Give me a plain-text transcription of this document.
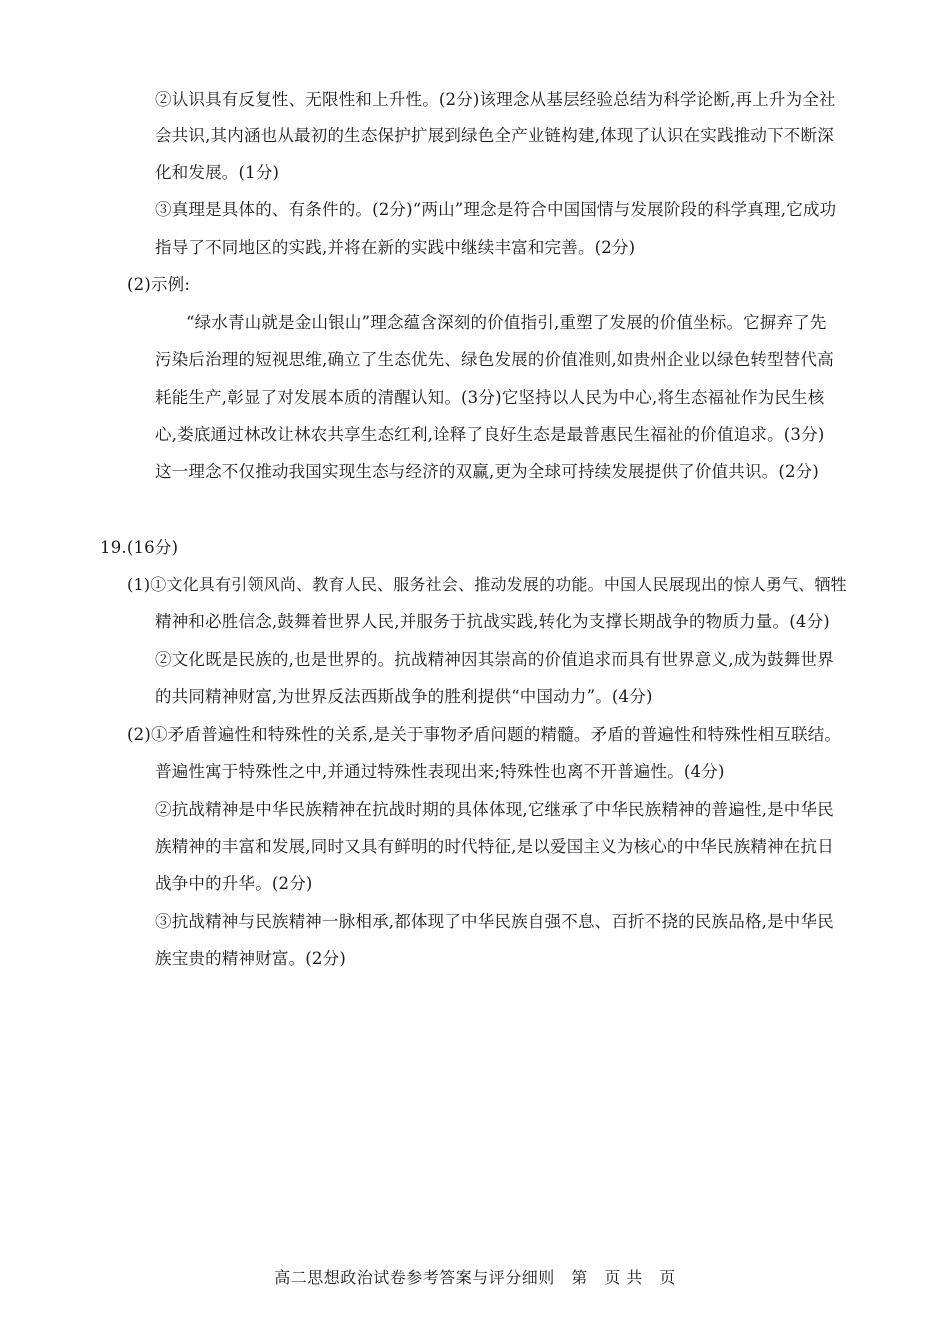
②认识具有反复性、无限性和上升性。(2分)该理念从基层经验总结为科学论断,再上升为全社
会共识,其内涵也从最初的生态保护扩展到绿色全产业链构建,体现了认识在实践推动下不断深
化和发展。(1分)
③真理是具体的、有条件的。(2分)“两山”理念是符合中国国情与发展阶段的科学真理,它成功
指导了不同地区的实践,并将在新的实践中继续丰富和完善。(2分)
(2)示例:
“绿水青山就是金山银山”理念蕴含深刻的价值指引,重塑了发展的价值坐标。它摒弃了先
污染后治理的短视思维,确立了生态优先、绿色发展的价值准则,如贵州企业以绿色转型替代高
耗能生产,彰显了对发展本质的清醒认知。(3分)它坚持以人民为中心,将生态福祉作为民生核
心,娄底通过林改让林农共享生态红利,诠释了良好生态是最普惠民生福祉的价值追求。(3分)
这一理念不仅推动我国实现生态与经济的双赢,更为全球可持续发展提供了价值共识。(2分)
19.(16分)
(1)①文化具有引领风尚、教育人民、服务社会、推动发展的功能。中国人民展现出的惊人勇气、牺牲
精神和必胜信念,鼓舞着世界人民,并服务于抗战实践,转化为支撑长期战争的物质力量。(4分)
②文化既是民族的,也是世界的。抗战精神因其崇高的价值追求而具有世界意义,成为鼓舞世界
的共同精神财富,为世界反法西斯战争的胜利提供“中国动力”。(4分)
(2)①矛盾普遍性和特殊性的关系,是关于事物矛盾问题的精髓。矛盾的普遍性和特殊性相互联结。
普遍性寓于特殊性之中,并通过特殊性表现出来;特殊性也离不开普遍性。(4分)
②抗战精神是中华民族精神在抗战时期的具体体现,它继承了中华民族精神的普遍性,是中华民
族精神的丰富和发展,同时又具有鲜明的时代特征,是以爱国主义为核心的中华民族精神在抗日
战争中的升华。(2分)
③抗战精神与民族精神一脉相承,都体现了中华民族自强不息、百折不挠的民族品格,是中华民
族宝贵的精神财富。(2分)
高二思想政治试卷参考答案与评分细则　第　页 共　页
